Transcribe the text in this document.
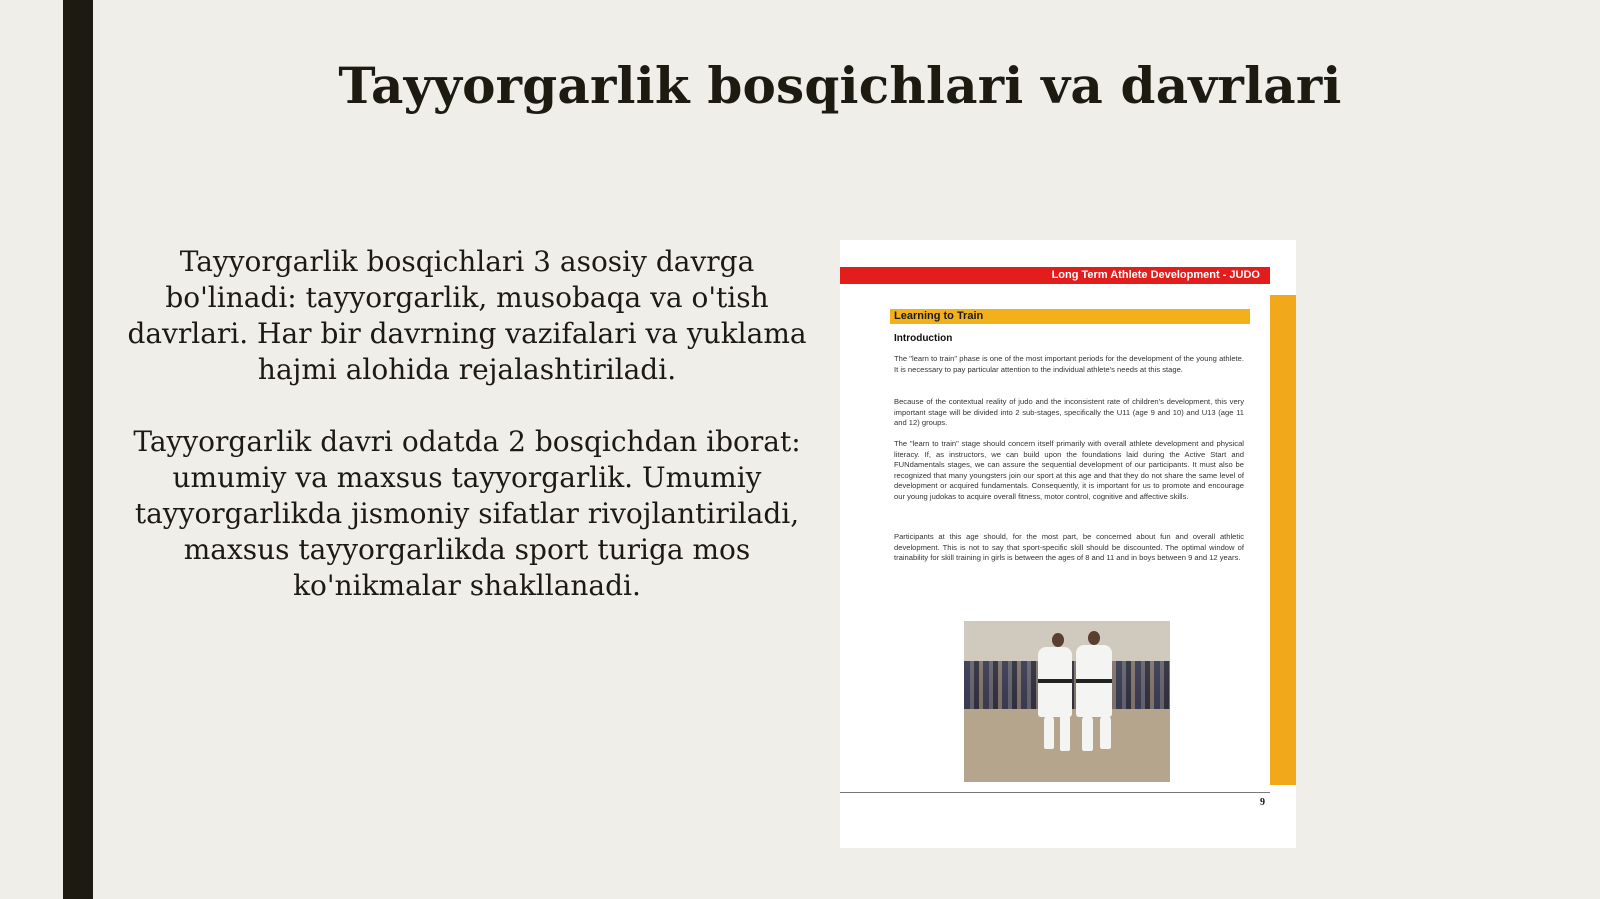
Tayyorgarlik bosqichlari va davrlari

Tayyorgarlik bosqichlari 3 asosiy davrga bo'linadi: tayyorgarlik, musobaqa va o'tish davrlari. Har bir davrning vazifalari va yuklama hajmi alohida rejalashtiriladi.

Tayyorgarlik davri odatda 2 bosqichdan iborat: umumiy va maxsus tayyorgarlik. Umumiy tayyorgarlikda jismoniy sifatlar rivojlantiriladi, maxsus tayyorgarlikda sport turiga mos ko'nikmalar shakllanadi.

Long Term Athlete Development - JUDO
Learning to Train
Introduction
The "learn to train" phase is one of the most important periods for the development of the young athlete. It is necessary to pay particular attention to the individual athlete's needs at this stage.
Because of the contextual reality of judo and the inconsistent rate of children's development, this very important stage will be divided into 2 sub-stages, specifically the U11 (age 9 and 10) and U13 (age 11 and 12) groups.
The "learn to train" stage should concern itself primarily with overall athlete development and physical literacy. If, as instructors, we can build upon the foundations laid during the Active Start and FUNdamentals stages, we can assure the sequential development of our participants. It must also be recognized that many youngsters join our sport at this age and that they do not share the same level of development or acquired fundamentals. Consequently, it is important for us to promote and encourage our young judokas to acquire overall fitness, motor control, cognitive and affective skills.
Participants at this age should, for the most part, be concerned about fun and overall athletic development. This is not to say that sport-specific skill should be discounted. The optimal window of trainability for skill training in girls is between the ages of 8 and 11 and in boys between 9 and 12 years.
9
